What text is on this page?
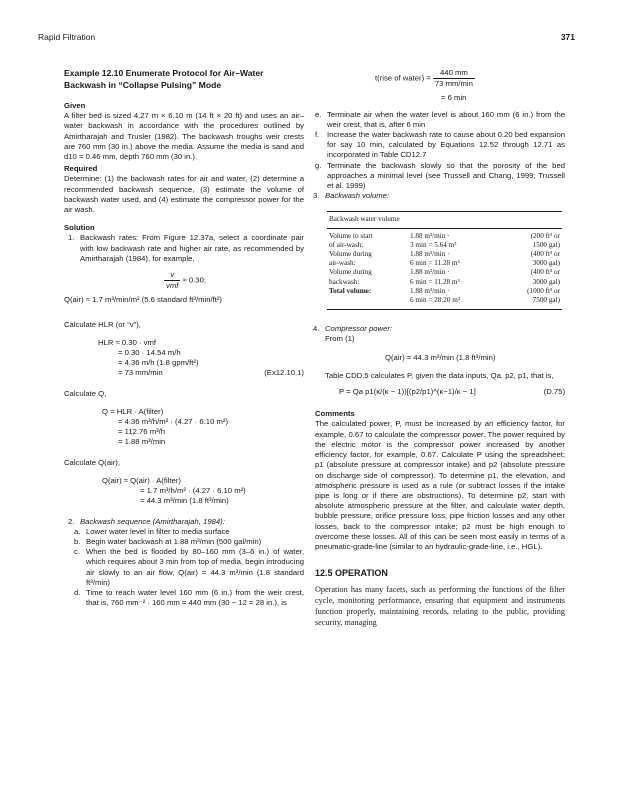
Rapid Filtration	371
Example 12.10 Enumerate Protocol for Air–Water
Backwash in “Collapse Pulsing” Mode
Given
A filter bed is sized 4.27 m × 6.10 m (14 ft × 20 ft) and uses an air–water backwash in accordance with the procedures outlined by Amirtharajah and Trusler (1982). The backwash troughs weir crests are 760 mm (30 in.) above the media. Assume the media is sand and d10 = 0.46 mm, depth 760 mm (30 in.).
Required
Determine: (1) the backwash rates for air and water, (2) determine a recommended backwash sequence, (3) estimate the volume of backwash water used, and (4) estimate the compressor power for the air wash.
Solution
1. Backwash rates: From Figure 12.37a, select a coordinate pair with low backwash rate and higher air rate, as recommended by Amirtharajah (1984), for example,
$\frac{v}{\text{vmf}} \approx 0.30$;
Q(air) ≈ 1.7 m³/min/m² (5.6 standard ft³/min/ft²)
Calculate HLR (or “v”),
HLR ≈ 0.30 · vmf
= 0.30 · 14.54 m/h
= 4.36 m/h (1.8 gpm/ft²)
= 73 mm/min	(Ex12.10.1)
Calculate Q,
Q = HLR · A(filter)
= 4.36 m³/h/m² · (4.27 · 6.10 m²)
= 112.76 m³/h
= 1.88 m³/min
Calculate Q(air),
Q(air) ≈ Q(air) · A(filter)
= 1.7 m³/h/m² · (4.27 · 6.10 m²)
= 44.3 m³/min (1.8 ft³/min)
2. Backwash sequence (Amirtharajah, 1984):
a. Lower water level in filter to media surface
b. Begin water backwash at 1.88 m³/min (500 gal/min)
c. When the bed is flooded by 80–160 mm (3–6 in.) of water, which requires about 3 min from top of media, begin introducing air slowly to an air flow, Q(air) = 44.3 m³/min (1.8 standard ft³/min)
d. Time to reach water level 160 mm (6 in.) from the weir crest, that is, 760 mm⁻² · 160 mm = 440 mm (30 − 12 = 28 in.), is
t(rise of water) = $\frac{440 mm}{73 mm/\min}$
= 6 min
e. Terminate air when the water level is about 160 mm (6 in.) from the weir crest, that is, after 6 min
f. Increase the water backwash rate to cause about 0.20 bed expansion for say 10 min, calculated by Equations 12.52 through 12.71 as incorporated in Table CD12.7
g. Terminate the backwash slowly so that the porosity of the bed approaches a minimal level (see Trussell and Chang, 1999; Trussell et al. 1999)
3. Backwash volume:
Backwash water volume		

Volume to start	1.88 m³/min ·	(200 ft³ or
of air-wash:	3 min = 5.64 m³	1500 gal)
Volume during	1.88 m³/min ·	(400 ft³ or
air-wash:	6 min = 11.28 m³	3000 gal)
Volume during	1.88 m³/min ·	(400 ft³ or
backwash:	6 min = 11.28 m³	3000 gal)
Total volume:	1.88 m³/min ·	(1000 ft³ or
	6 min = 28.20 m³	7500 gal)
4. Compressor power:
From (1)
Q(air) = 44.3 m³/min (1.8 ft³/min)
Table CDD.5 calculates P, given the data inputs, Qa, p2, p1, that is,
P = Qa p1(κ/(κ − 1))[(p2/p1)^(κ−1)/κ − 1]	(D.75)
Comments
The calculated power, P, must be increased by an efficiency factor, for example, 0.67 to calculate the compressor power. The power required by the electric motor is the compressor power increased by another efficiency factor, for example, 0.67. Calculate P using the spreadsheet; p1 (absolute pressure at compressor intake) and p2 (absolute pressure on discharge side of compressor). To determine p1, the elevation, and atmospheric pressure is used as a rule (or subtract losses if the intake pipe is long or if there are obstructions). To determine p2, start with absolute atmospheric pressure at the filter, and calculate water depth, bubble pressure, orifice pressure loss, pipe friction losses and any other losses, back to the compressor intake; p2 must be high enough to overcome these losses. All of this can be seen most easily in terms of a pneumatic-grade-line (similar to an hydraulic-grade-line, i.e., HGL).
12.5 OPERATION
Operation has many facets, such as performing the functions of the filter cycle, monitoring performance, ensuring that equipment and instruments function properly, maintaining records, relating to the public, providing security, managing
